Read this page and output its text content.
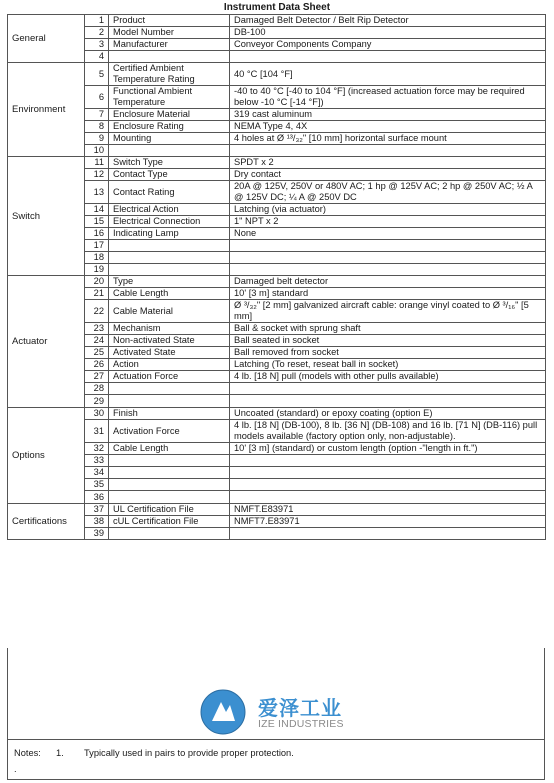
Instrument Data Sheet
General	1	Product	Damaged Belt Detector / Belt Rip Detector
	2	Model Number	DB-100
	3	Manufacturer	Conveyor Components Company
	4		
Environment	5	Certified Ambient Temperature Rating	40 °C [104 °F]
	6	Functional Ambient Temperature	-40 to 40 °C [-40 to 104 °F] (increased actuation force may be required below -10 °C [-14 °F])
	7	Enclosure Material	319 cast aluminum
	8	Enclosure Rating	NEMA Type 4, 4X
	9	Mounting	4 holes at Ø ¹³/₃₂" [10 mm] horizontal surface mount
	10		
Switch	11	Switch Type	SPDT x 2
	12	Contact Type	Dry contact
	13	Contact Rating	20A @ 125V, 250V or 480V AC; 1 hp @ 125V AC; 2 hp @ 250V AC; ½ A @ 125V DC; ¼ A @ 250V DC
	14	Electrical Action	Latching (via actuator)
	15	Electrical Connection	1" NPT x 2
	16	Indicating Lamp	None
	17		
	18		
	19		
Actuator	20	Type	Damaged belt detector
	21	Cable Length	10' [3 m] standard
	22	Cable Material	Ø ³/₃₂" [2 mm] galvanized aircraft cable: orange vinyl coated to Ø ³/₁₆" [5 mm]
	23	Mechanism	Ball & socket with sprung shaft
	24	Non-activated State	Ball seated in socket
	25	Activated State	Ball removed from socket
	26	Action	Latching (To reset, reseat ball in socket)
	27	Actuation Force	4 lb. [18 N] pull (models with other pulls available)
	28		
	29		
Options	30	Finish	Uncoated (standard) or epoxy coating (option E)
	31	Activation Force	4 lb. [18 N] (DB-100), 8 lb. [36 N] (DB-108) and 16 lb. [71 N] (DB-116) pull models available (factory option only, non-adjustable).
	32	Cable Length	10' [3 m] (standard) or custom length (option -"length in ft.")
	33		
	34		
	35		
	36		
Certifications	37	UL Certification File	NMFT.E83971
	38	cUL Certification File	NMFT7.E83971
	39		
爱泽工业
IZE INDUSTRIES
Notes: 1. Typically used in pairs to provide proper protection.
.
